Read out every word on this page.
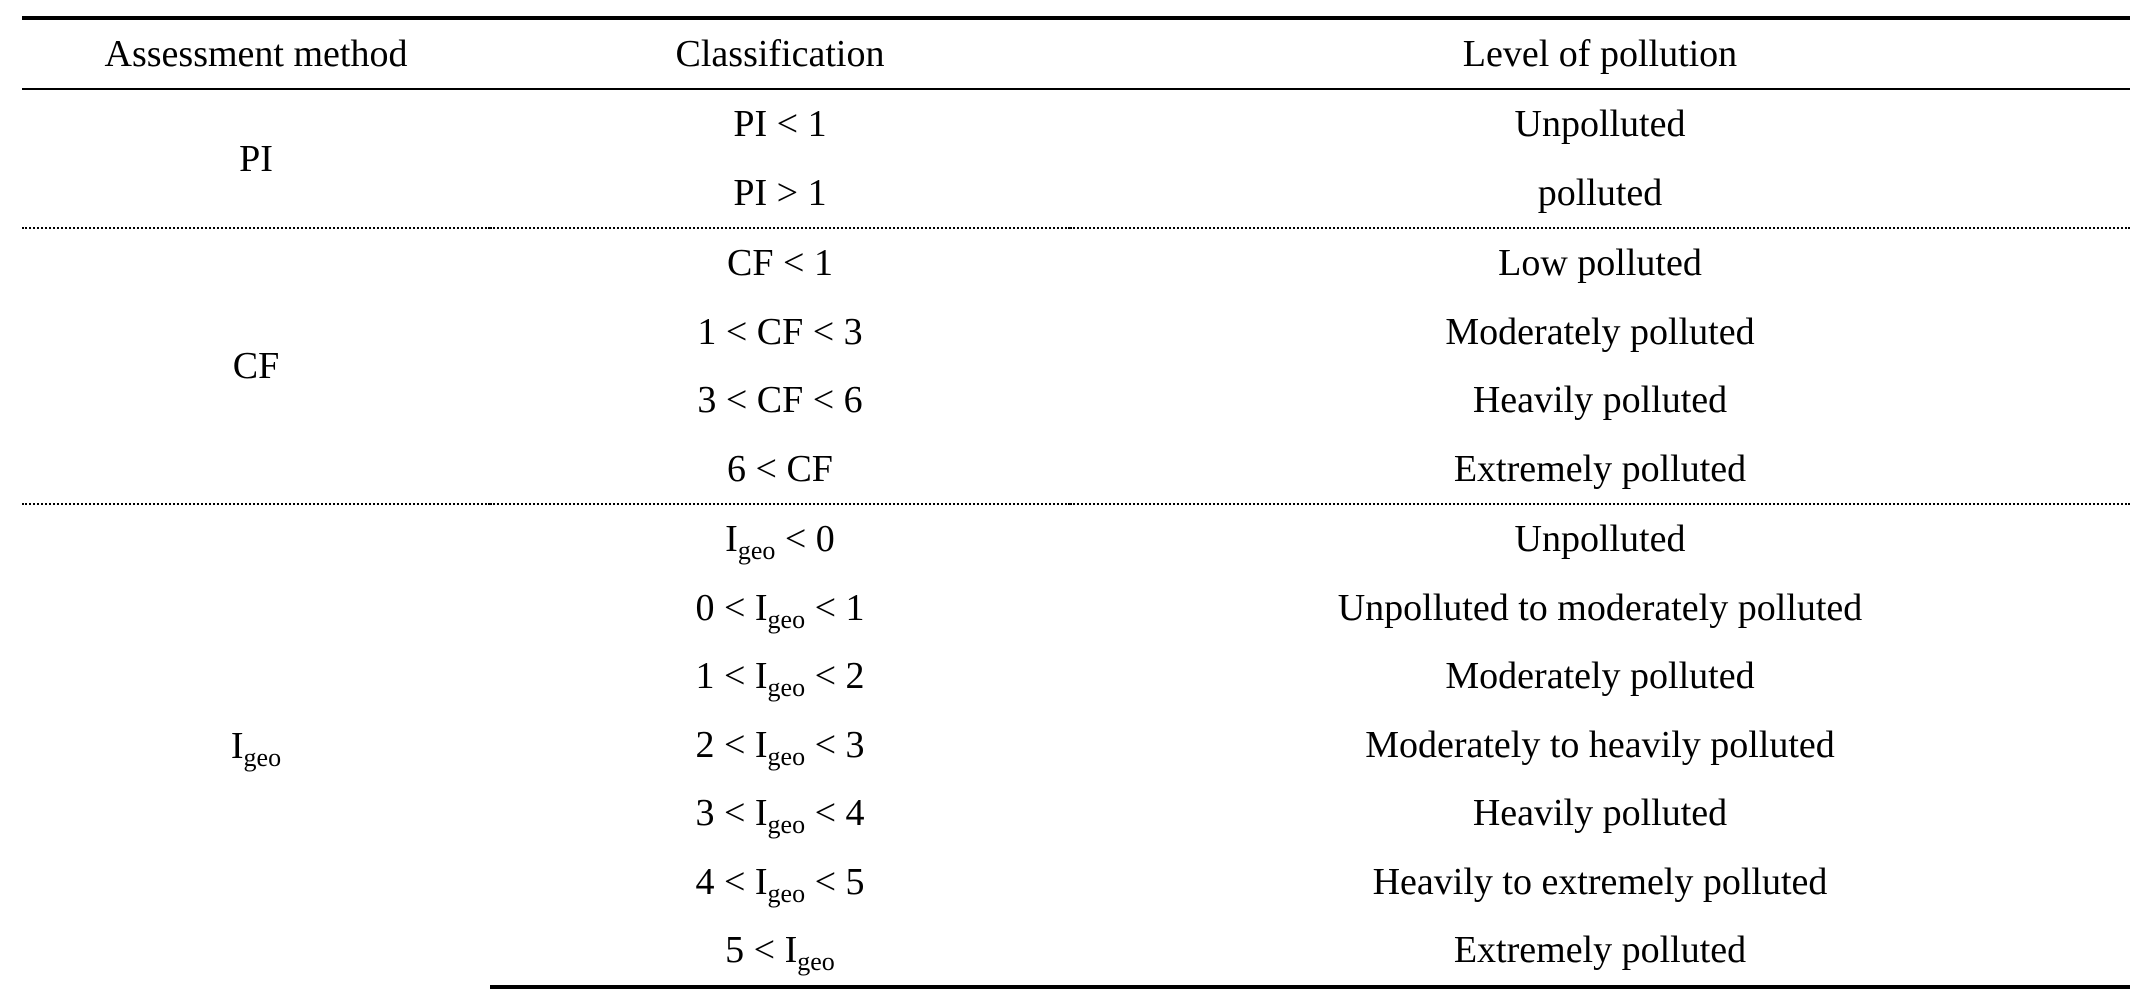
Assessment method	Classification	Level of pollution
PI	PI < 1	Unpolluted
	PI > 1	polluted
CF	CF < 1	Low polluted
	1 < CF < 3	Moderately polluted
	3 < CF < 6	Heavily polluted
	6 < CF	Extremely polluted
$I_{geo}$	$I_{geo} < 0$	Unpolluted
	$0 < I_{geo} < 1$	Unpolluted to moderately polluted
	$1 < I_{geo} < 2$	Moderately polluted
	$2 < I_{geo} < 3$	Moderately to heavily polluted
	$3 < I_{geo} < 4$	Heavily polluted
	$4 < I_{geo} < 5$	Heavily to extremely polluted
	$5 < I_{geo}$	Extremely polluted
